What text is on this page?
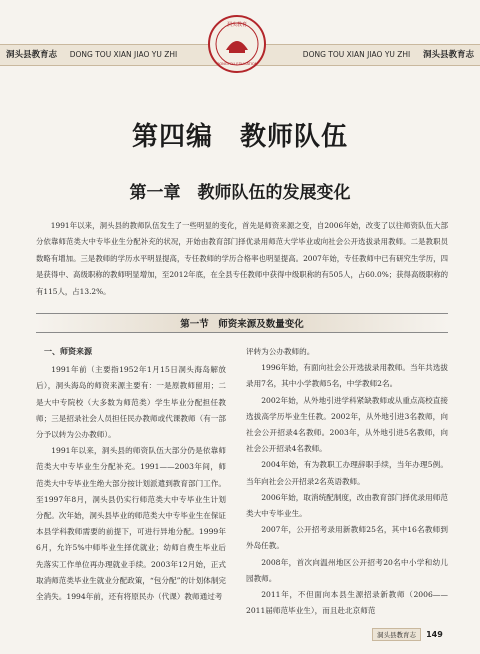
洞头县教育志 DONG TOU XIAN JIAO YU ZHI	DONG TOU XIAN JIAO YU ZHI 洞头县教育志
洞头教育
DONGTOU EDUCATION
第四编　教师队伍
第一章　教师队伍的发展变化

1991年以来，洞头县的教师队伍发生了一些明显的变化，首先是师资来源之变，自2006年始，改变了以往师资队伍大部分依靠师范类大中专毕业生分配补充的状况，开始由教育部门择优录用师范大学毕业或向社会公开选拔录用教师。二是教职员数略有增加。三是教师的学历水平明显提高，专任教师的学历合格率也明显提高。2007年始，专任教师中已有研究生学历，四是获得中、高级职称的教师明显增加，至2012年底，在全县专任教师中获得中级职称的有505人，占60.0%；获得高级职称的有115人，占13.2%。

第一节　师资来源及数量变化
一、师资来源

1991年前（主要指1952年1月15日洞头海岛解放后），洞头海岛的师资来源主要有：一是原教师留用；二是大中专院校（大多数为师范类）学生毕业分配担任教师；三是招录社会人员担任民办教师或代课教师（有一部分予以转为公办教师）。

1991年以来，洞头县的师资队伍大部分仍是依靠师范类大中专毕业生分配补充。1991——2003年间，师范类大中专毕业生绝大部分按计划派遣到教育部门工作。至1997年8月，洞头县仍实行师范类大中专毕业生计划分配。次年始，洞头县毕业的师范类大中专毕业生在保证本县学科教师需要的前提下，可进行异地分配。1999年6月，允许5%中师毕业生择优就业；幼师自费生毕业后先落实工作单位再办理就业手续。2003年12月始，正式取消师范类毕业生就业分配政策，“包分配”的计划体制完全消失。1994年前，还有将原民办（代课）教师通过考

评转为公办教师的。

1996年始，有面向社会公开选拔录用教师。当年共选拔录用7名，其中小学教师5名，中学教师2名。

2002年始，从外地引进学科紧缺教师或从重点高校直接选拔高学历毕业生任教。2002年，从外地引进3名教师，向社会公开招录4名教师。2003年，从外地引进5名教师，向社会公开招录4名教师。

2004年始，有为教职工办理辞职手续，当年办理5例。当年向社会公开招录2名英语教师。

2006年始，取消统配制度，改由教育部门择优录用师范类大中专毕业生。

2007年，公开招考录用新教师25名，其中16名教师到外岛任教。

2008年，首次向温州地区公开招考20名中小学和幼儿园教师。

2011年，不但面向本县生源招录新教师（2006——2011届师范毕业生），而且赴北京师范

洞头县教育志 149
